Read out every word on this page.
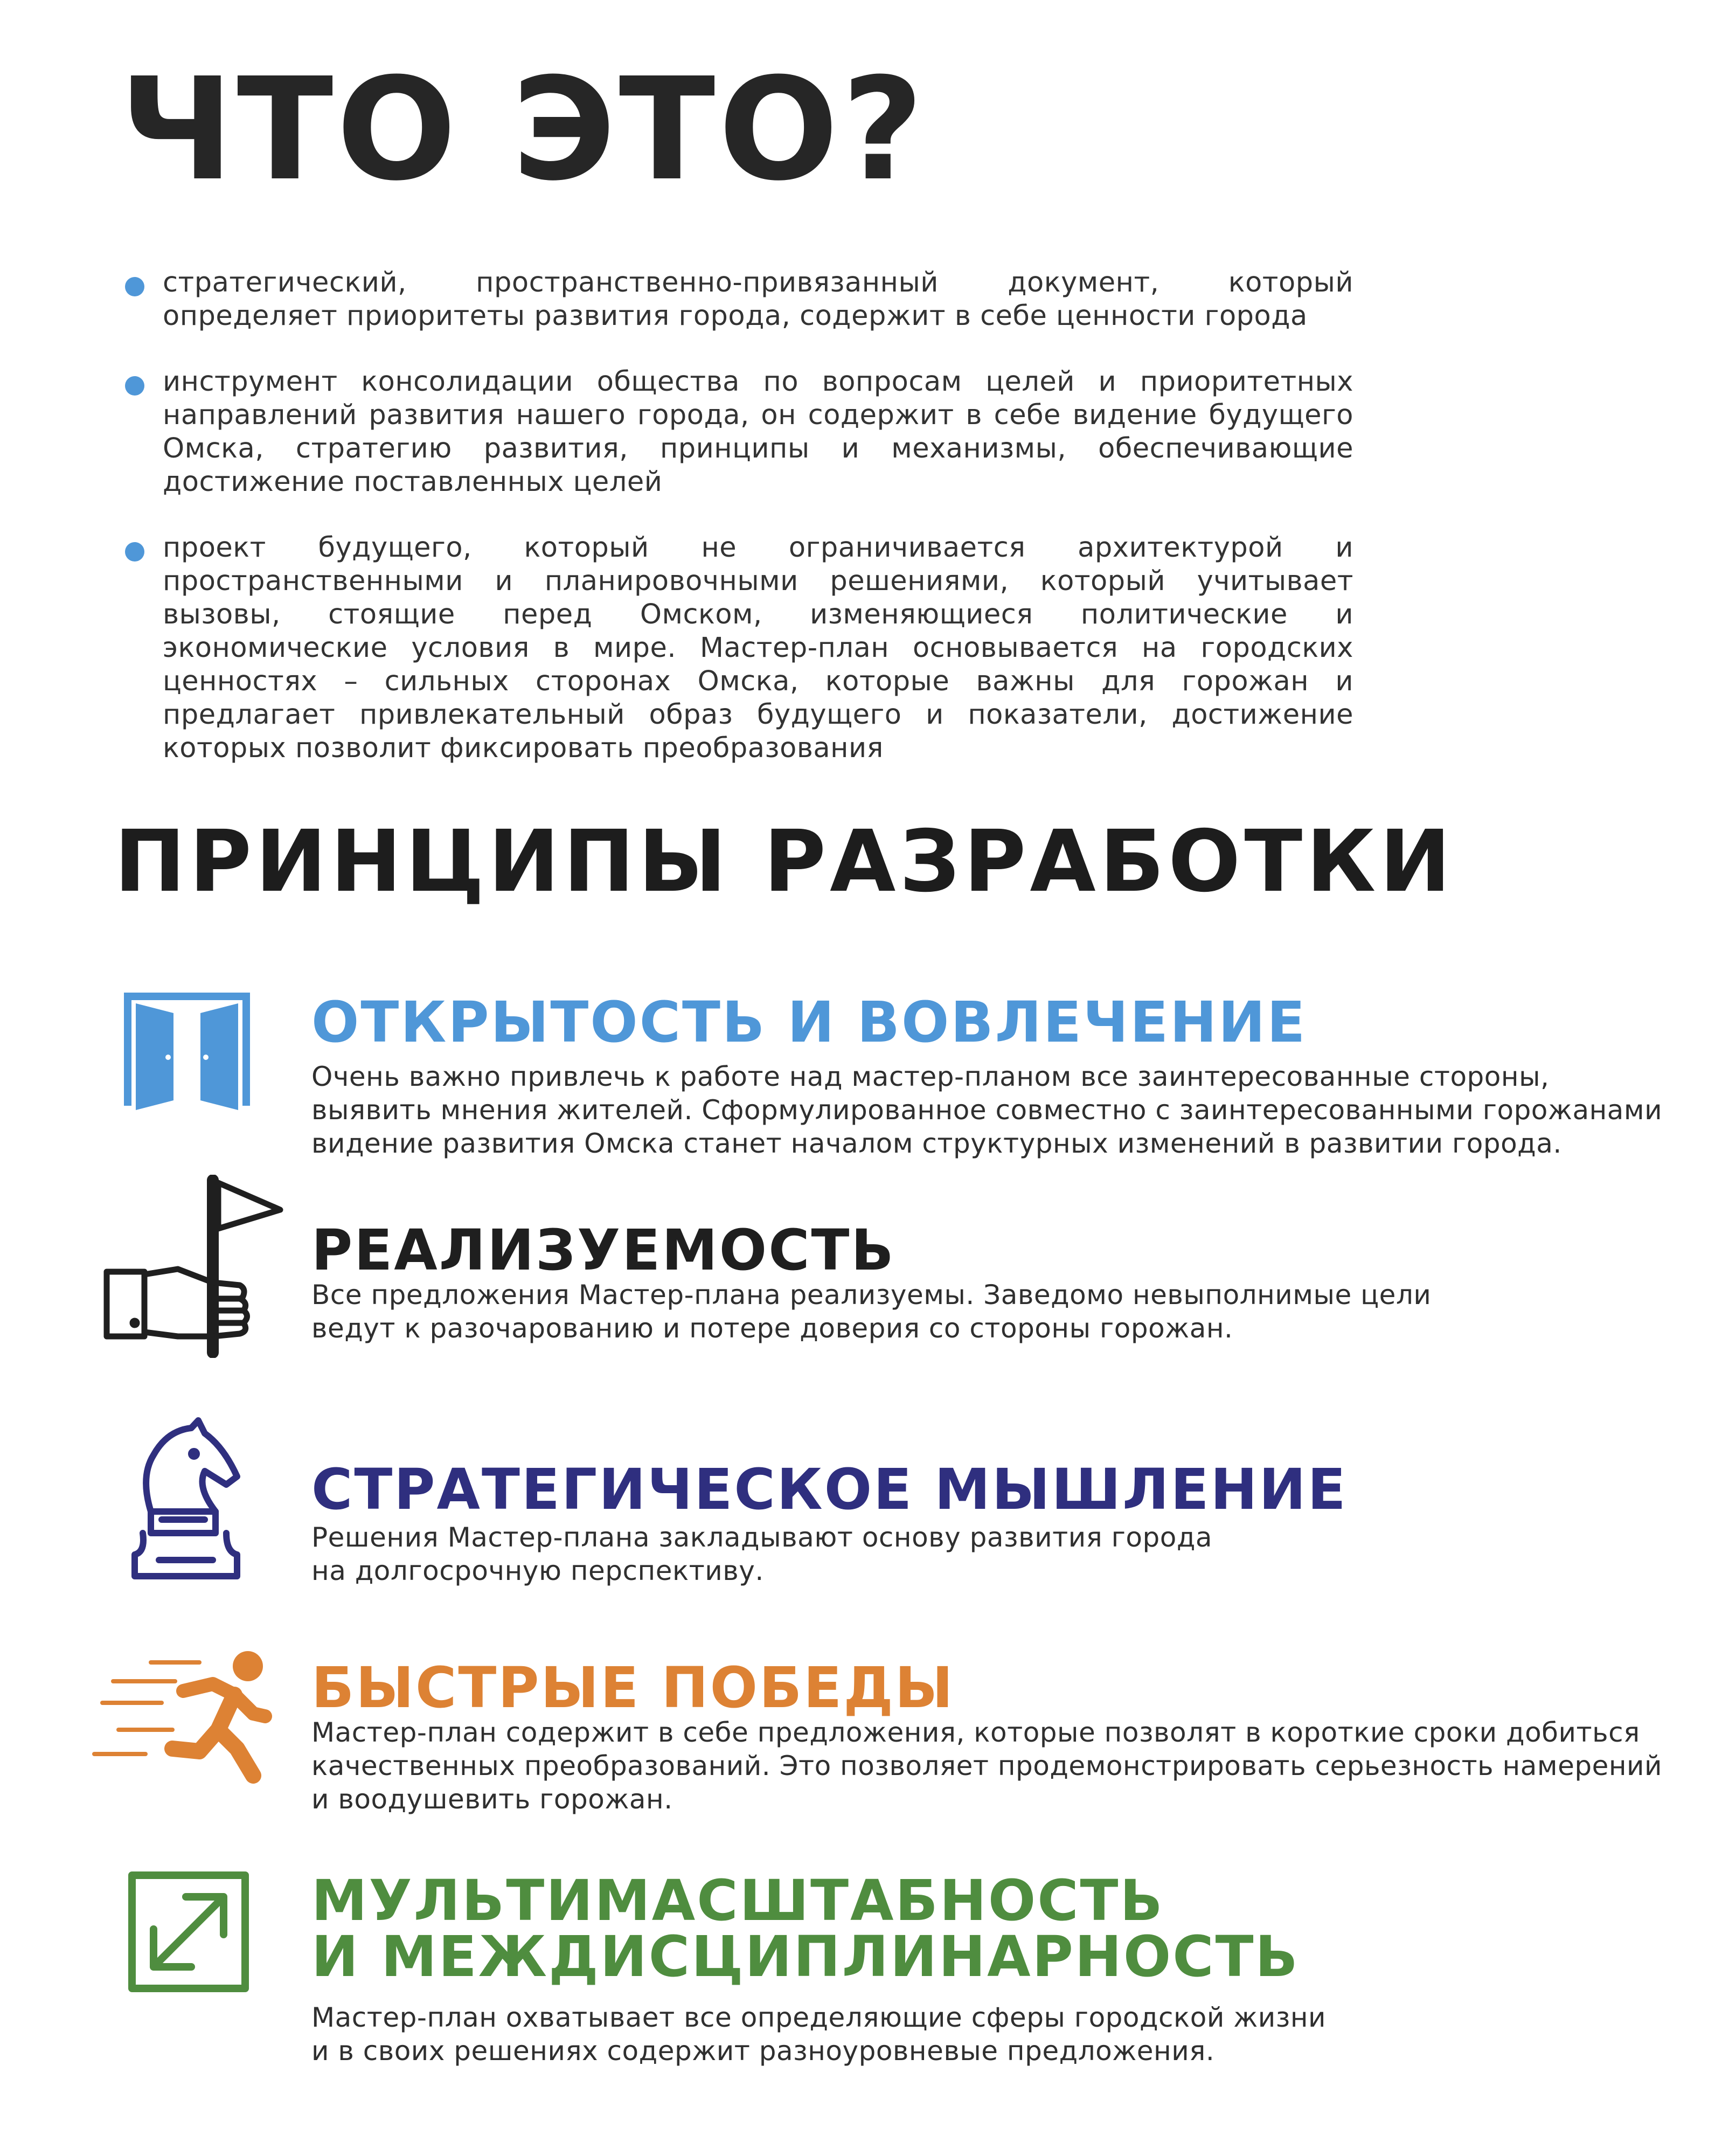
ЧТО ЭТО?
стратегический, пространственно-привязанный документ, который определяет приоритеты развития города, содержит в себе ценности города
инструмент консолидации общества по вопросам целей и приоритетных направлений развития нашего города, он содержит в себе видение будущего Омска, стратегию развития, принципы и механизмы, обеспечивающие достижение поставленных целей
проект будущего, который не ограничивается архитектурой и пространственными и планировочными решениями, который учитывает вызовы, стоящие перед Омском, изменяющиеся политические и экономические условия в мире. Мастер-план основывается на городских ценностях – сильных сторонах Омска, которые важны для горожан и предлагает привлекательный образ будущего и показатели, достижение которых позволит фиксировать преобразования
ПРИНЦИПЫ РАЗРАБОТКИ
ОТКРЫТОСТЬ И ВОВЛЕЧЕНИЕ
Очень важно привлечь к работе над мастер-планом все заинтересованные стороны,
выявить мнения жителей. Сформулированное совместно с заинтересованными горожанами
видение развития Омска станет началом структурных изменений в развитии города.
РЕАЛИЗУЕМОСТЬ
Все предложения Мастер-плана реализуемы. Заведомо невыполнимые цели
ведут к разочарованию и потере доверия со стороны горожан.
СТРАТЕГИЧЕСКОЕ МЫШЛЕНИЕ
Решения Мастер-плана закладывают основу развития города
на долгосрочную перспективу.
БЫСТРЫЕ ПОБЕДЫ
Мастер-план содержит в себе предложения, которые позволят в короткие сроки добиться
качественных преобразований. Это позволяет продемонстрировать серьезность намерений
и воодушевить горожан.
МУЛЬТИМАСШТАБНОСТЬ
И МЕЖДИСЦИПЛИНАРНОСТЬ
Мастер-план охватывает все определяющие сферы городской жизни
и в своих решениях содержит разноуровневые предложения.
